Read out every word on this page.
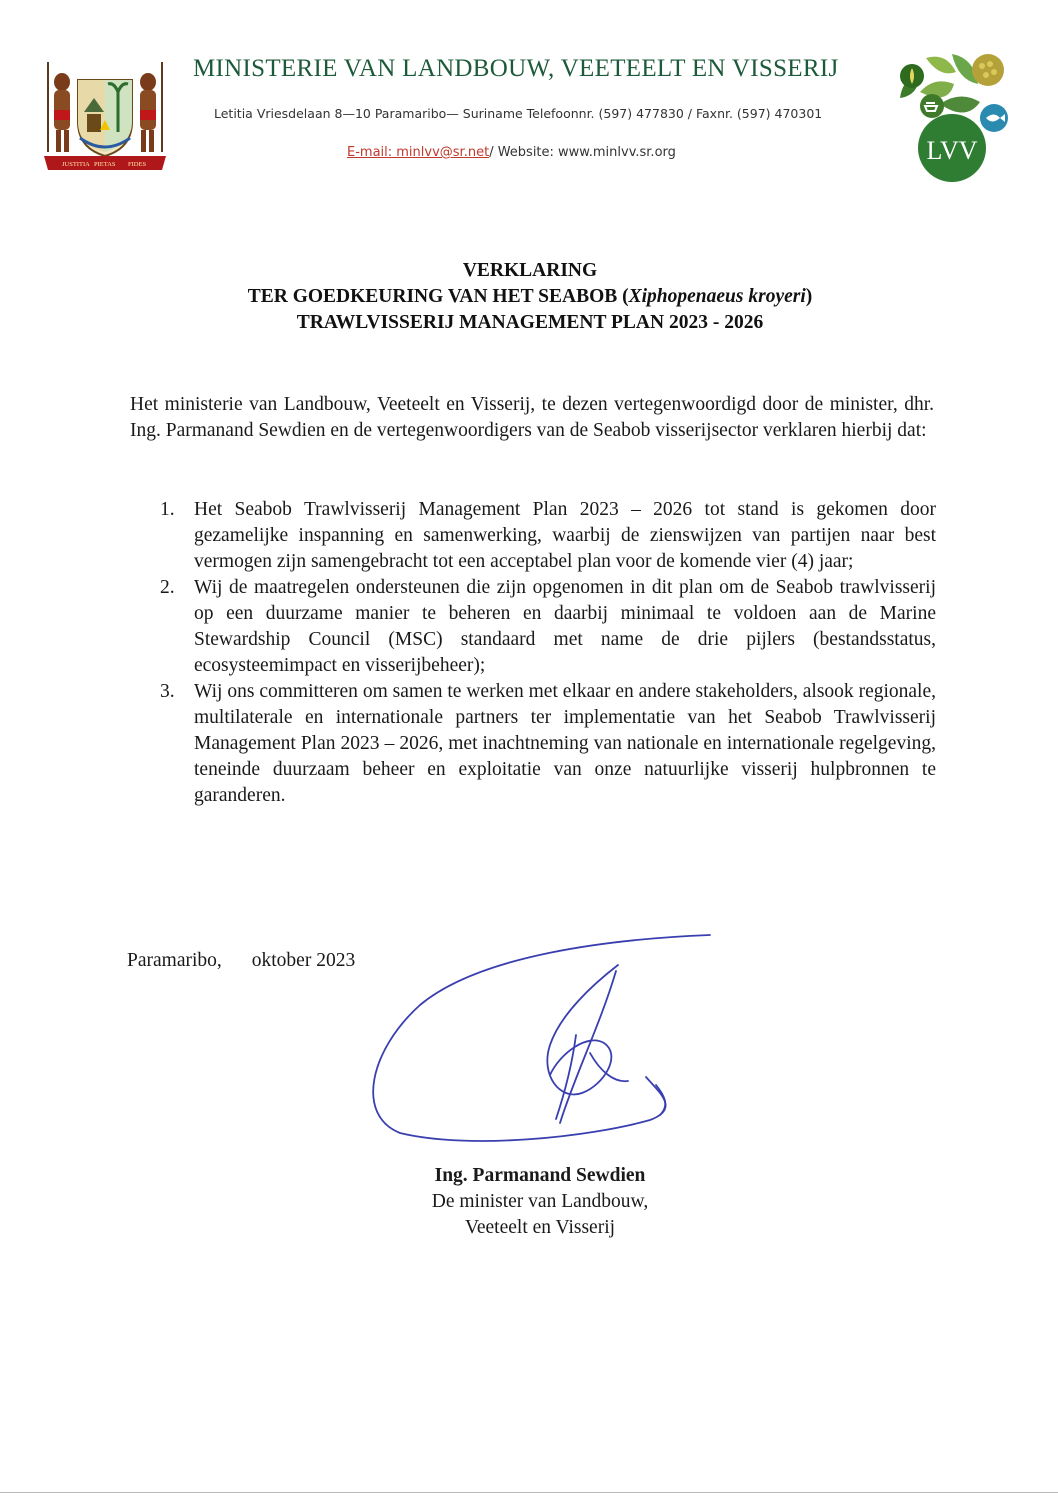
JUSTITIA PIETAS FIDES
MINISTERIE VAN LANDBOUW, VEETEELT EN VISSERIJ
Letitia Vriesdelaan 8—10 Paramaribo— Suriname Telefoonnr. (597) 477830 / Faxnr. (597) 470301
E-mail: minlvv@sr.net/ Website: www.minlvv.sr.org	LVV
VERKLARING
TER GOEDKEURING VAN HET SEABOB (Xiphopenaeus kroyeri)
TRAWLVISSERIJ MANAGEMENT PLAN 2023 - 2026
Het ministerie van Landbouw, Veeteelt en Visserij, te dezen vertegenwoordigd door de minister, dhr. Ing. Parmanand Sewdien en de vertegenwoordigers van de Seabob visserijsector verklaren hierbij dat:
1. Het Seabob Trawlvisserij Management Plan 2023 – 2026 tot stand is gekomen door gezamelijke inspanning en samenwerking, waarbij de zienswijzen van partijen naar best vermogen zijn samengebracht tot een acceptabel plan voor de komende vier (4) jaar;
2. Wij de maatregelen ondersteunen die zijn opgenomen in dit plan om de Seabob trawlvisserij op een duurzame manier te beheren en daarbij minimaal te voldoen aan de Marine Stewardship Council (MSC) standaard met name de drie pijlers (bestandsstatus, ecosysteemimpact en visserijbeheer);
3. Wij ons committeren om samen te werken met elkaar en andere stakeholders, alsook regionale, multilaterale en internationale partners ter implementatie van het Seabob Trawlvisserij Management Plan 2023 – 2026, met inachtneming van nationale en internationale regelgeving, teneinde duurzaam beheer en exploitatie van onze natuurlijke visserij hulpbronnen te garanderen.
Paramaribo, oktober 2023
Ing. Parmanand Sewdien
De minister van Landbouw,
Veeteelt en Visserij
